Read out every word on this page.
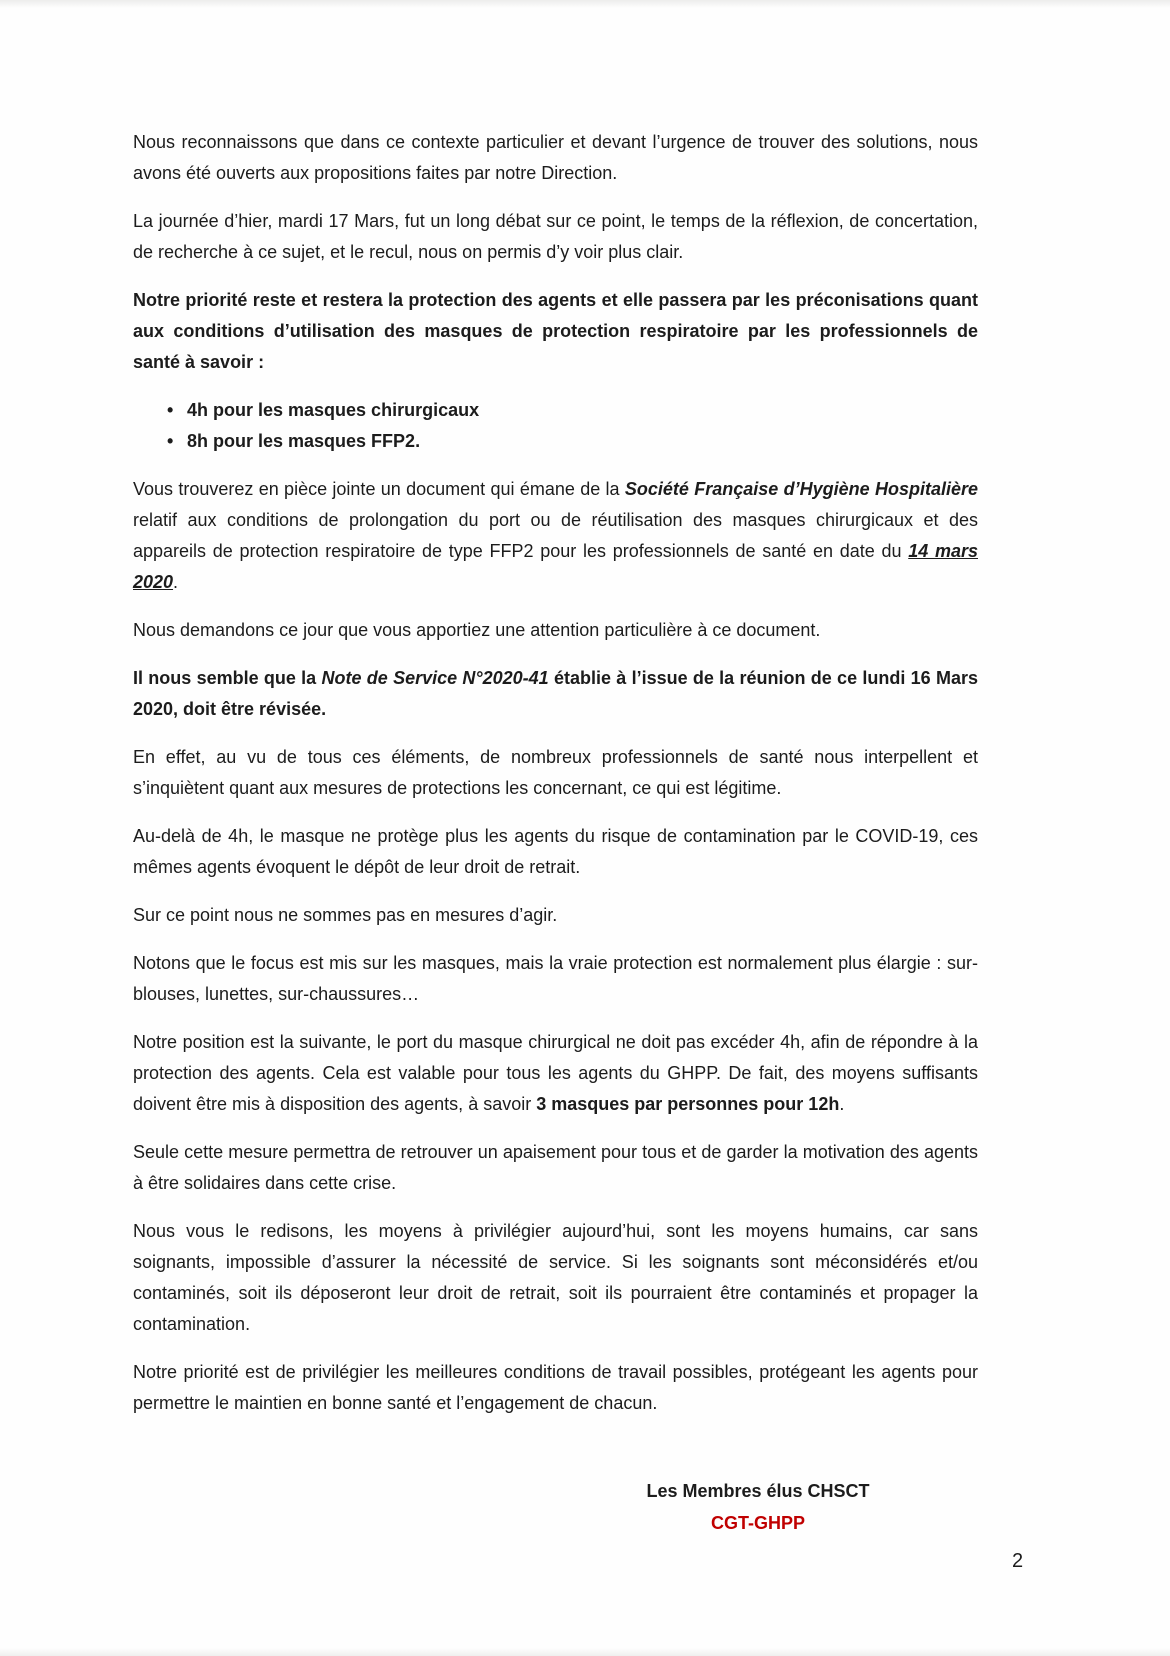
Nous reconnaissons que dans ce contexte particulier et devant l’urgence de trouver des solutions, nous avons été ouverts aux propositions faites par notre Direction.

La journée d’hier, mardi 17 Mars, fut un long débat sur ce point, le temps de la réflexion, de concertation, de recherche à ce sujet, et le recul, nous on permis d’y voir plus clair.

Notre priorité reste et restera la protection des agents et elle passera par les préconisations quant aux conditions d’utilisation des masques de protection respiratoire par les professionnels de santé à savoir :

• 4h pour les masques chirurgicaux
• 8h pour les masques FFP2.

Vous trouverez en pièce jointe un document qui émane de la Société Française d’Hygiène Hospitalière relatif aux conditions de prolongation du port ou de réutilisation des masques chirurgicaux et des appareils de protection respiratoire de type FFP2 pour les professionnels de santé en date du 14 mars 2020.

Nous demandons ce jour que vous apportiez une attention particulière à ce document.

Il nous semble que la Note de Service N°2020-41 établie à l’issue de la réunion de ce lundi 16 Mars 2020, doit être révisée.

En effet, au vu de tous ces éléments, de nombreux professionnels de santé nous interpellent et s’inquiètent quant aux mesures de protections les concernant, ce qui est légitime.

Au-delà de 4h, le masque ne protège plus les agents du risque de contamination par le COVID-19, ces mêmes agents évoquent le dépôt de leur droit de retrait.

Sur ce point nous ne sommes pas en mesures d’agir.

Notons que le focus est mis sur les masques, mais la vraie protection est normalement plus élargie : sur-blouses, lunettes, sur-chaussures…

Notre position est la suivante, le port du masque chirurgical ne doit pas excéder 4h, afin de répondre à la protection des agents. Cela est valable pour tous les agents du GHPP. De fait, des moyens suffisants doivent être mis à disposition des agents, à savoir 3 masques par personnes pour 12h.

Seule cette mesure permettra de retrouver un apaisement pour tous et de garder la motivation des agents à être solidaires dans cette crise.

Nous vous le redisons, les moyens à privilégier aujourd’hui, sont les moyens humains, car sans soignants, impossible d’assurer la nécessité de service. Si les soignants sont méconsidérés et/ou contaminés, soit ils déposeront leur droit de retrait, soit ils pourraient être contaminés et propager la contamination.

Notre priorité est de privilégier les meilleures conditions de travail possibles, protégeant les agents pour permettre le maintien en bonne santé et l’engagement de chacun.

Les Membres élus CHSCT
CGT-GHPP
2
